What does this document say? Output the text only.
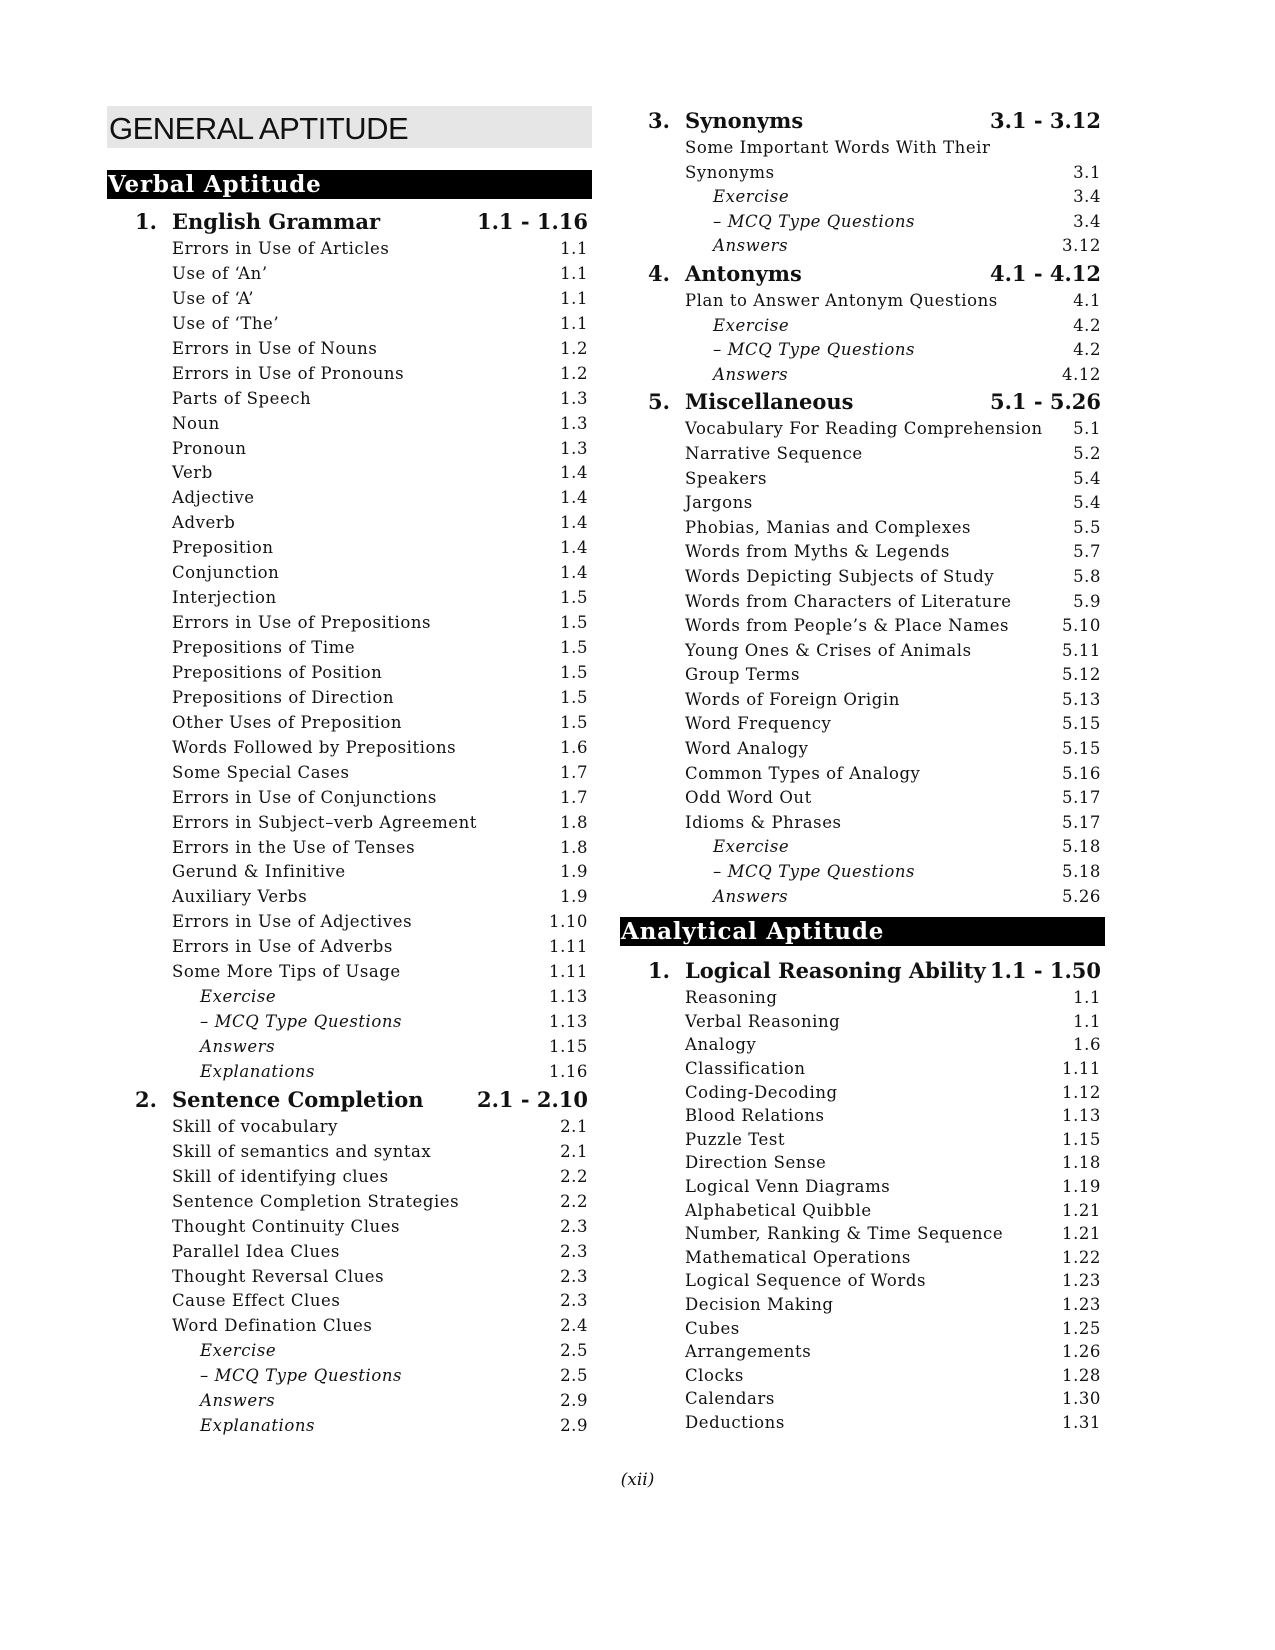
GENERAL APTITUDE
Verbal Aptitude
1. English Grammar	1.1 - 1.16
Errors in Use of Articles	1.1
Use of ‘An’	1.1
Use of ‘A’	1.1
Use of ‘The’	1.1
Errors in Use of Nouns	1.2
Errors in Use of Pronouns	1.2
Parts of Speech	1.3
Noun	1.3
Pronoun	1.3
Verb	1.4
Adjective	1.4
Adverb	1.4
Preposition	1.4
Conjunction	1.4
Interjection	1.5
Errors in Use of Prepositions	1.5
Prepositions of Time	1.5
Prepositions of Position	1.5
Prepositions of Direction	1.5
Other Uses of Preposition	1.5
Words Followed by Prepositions	1.6
Some Special Cases	1.7
Errors in Use of Conjunctions	1.7
Errors in Subject–verb Agreement	1.8
Errors in the Use of Tenses	1.8
Gerund & Infinitive	1.9
Auxiliary Verbs	1.9
Errors in Use of Adjectives	1.10
Errors in Use of Adverbs	1.11
Some More Tips of Usage	1.11
Exercise	1.13
– MCQ Type Questions	1.13
Answers	1.15
Explanations	1.16
2. Sentence Completion	2.1 - 2.10
Skill of vocabulary	2.1
Skill of semantics and syntax	2.1
Skill of identifying clues	2.2
Sentence Completion Strategies	2.2
Thought Continuity Clues	2.3
Parallel Idea Clues	2.3
Thought Reversal Clues	2.3
Cause Effect Clues	2.3
Word Defination Clues	2.4
Exercise	2.5
– MCQ Type Questions	2.5
Answers	2.9
Explanations	2.9
3. Synonyms	3.1 - 3.12
Some Important Words With Their
Synonyms	3.1
Exercise	3.4
– MCQ Type Questions	3.4
Answers	3.12
4. Antonyms	4.1 - 4.12
Plan to Answer Antonym Questions	4.1
Exercise	4.2
– MCQ Type Questions	4.2
Answers	4.12
5. Miscellaneous	5.1 - 5.26
Vocabulary For Reading Comprehension 5.1
Narrative Sequence	5.2
Speakers	5.4
Jargons	5.4
Phobias, Manias and Complexes	5.5
Words from Myths & Legends	5.7
Words Depicting Subjects of Study	5.8
Words from Characters of Literature	5.9
Words from People’s & Place Names	5.10
Young Ones & Crises of Animals	5.11
Group Terms	5.12
Words of Foreign Origin	5.13
Word Frequency	5.15
Word Analogy	5.15
Common Types of Analogy	5.16
Odd Word Out	5.17
Idioms & Phrases	5.17
Exercise	5.18
– MCQ Type Questions	5.18
Answers	5.26
Analytical Aptitude
1. Logical Reasoning Ability 1.1 - 1.50
Reasoning	1.1
Verbal Reasoning	1.1
Analogy	1.6
Classification	1.11
Coding-Decoding	1.12
Blood Relations	1.13
Puzzle Test	1.15
Direction Sense	1.18
Logical Venn Diagrams	1.19
Alphabetical Quibble	1.21
Number, Ranking & Time Sequence	1.21
Mathematical Operations	1.22
Logical Sequence of Words	1.23
Decision Making	1.23
Cubes	1.25
Arrangements	1.26
Clocks	1.28
Calendars	1.30
Deductions	1.31
(xii)
